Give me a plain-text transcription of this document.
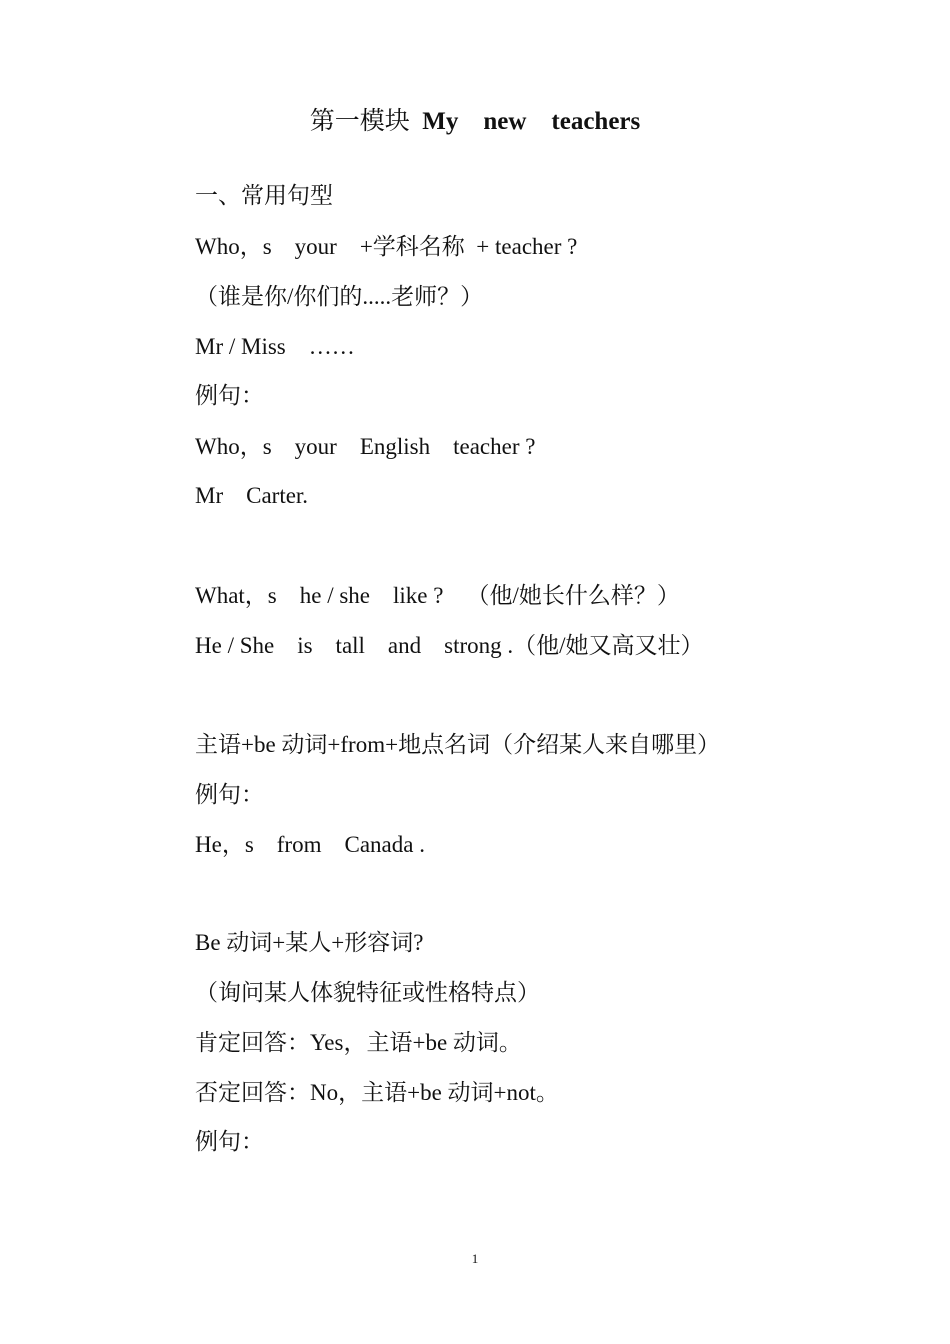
第一模块  My    new    teachers
一、常用句型
Who，s    your    +学科名称  + teacher ?
（谁是你/你们的.....老师？）
Mr / Miss    ……
例句：
Who，s    your    English    teacher ?
Mr    Carter.
What，s    he / she    like ?    （他/她长什么样？）
He / She    is    tall    and    strong .（他/她又高又壮）
主语+be 动词+from+地点名词（介绍某人来自哪里）
例句：
He，s    from    Canada .
Be 动词+某人+形容词?
（询问某人体貌特征或性格特点）
肯定回答：Yes，主语+be 动词。
否定回答：No，主语+be 动词+not。
例句：
1
